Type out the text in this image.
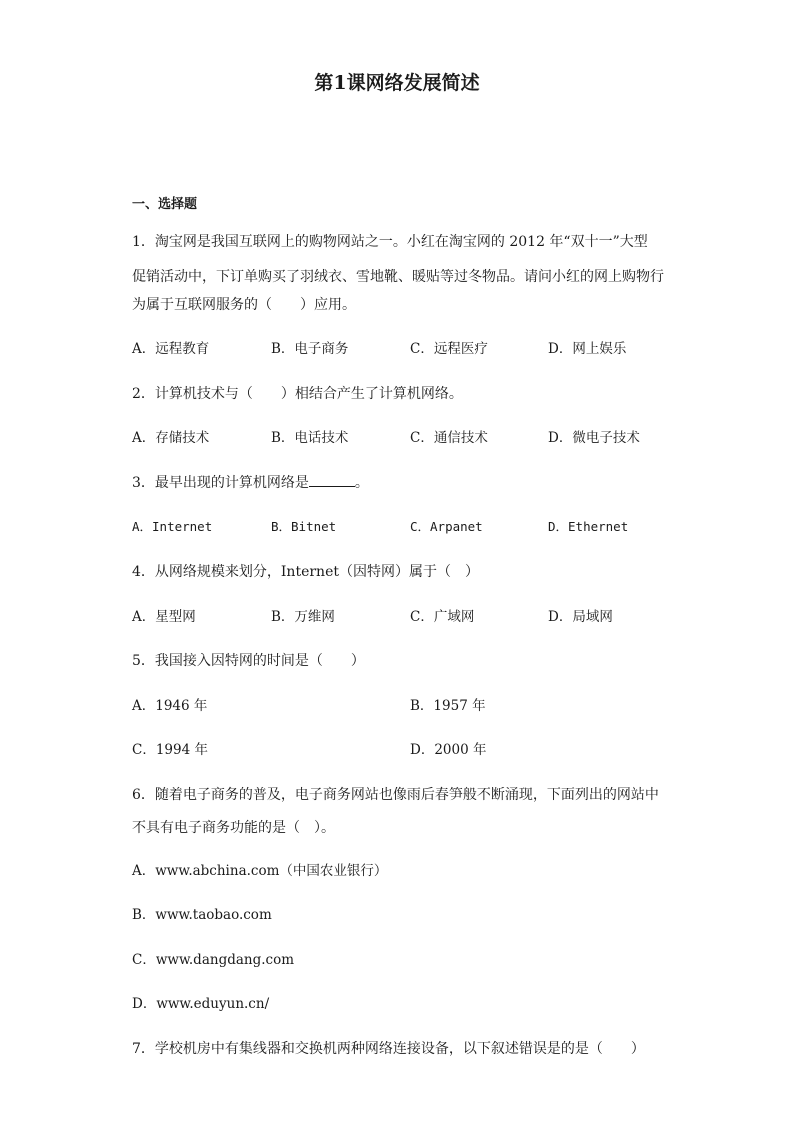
第1课网络发展简述
一、选择题
1．淘宝网是我国互联网上的购物网站之一。小红在淘宝网的 2012 年“双十一”大型
促销活动中，下订单购买了羽绒衣、雪地靴、暖贴等过冬物品。请问小红的网上购物行
为属于互联网服务的（　　）应用。
A．远程教育	B．电子商务	C．远程医疗	D．网上娱乐
2．计算机技术与（　　）相结合产生了计算机网络。
A．存储技术	B．电话技术	C．通信技术	D．微电子技术
3．最早出现的计算机网络是	。
A．Internet	B．Bitnet	C．Arpanet	D．Ethernet
4．从网络规模来划分，Internet（因特网）属于（　）
A．星型网	B．万维网	C．广域网	D．局域网
5．我国接入因特网的时间是（　　）
A．1946 年	B．1957 年
C．1994 年	D．2000 年
6．随着电子商务的普及，电子商务网站也像雨后春笋般不断涌现，下面列出的网站中
不具有电子商务功能的是（　）。
A．www.abchina.com（中国农业银行）
B．www.taobao.com
C．www.dangdang.com
D．www.eduyun.cn/
7．学校机房中有集线器和交换机两种网络连接设备，以下叙述错误是的是（　　）
